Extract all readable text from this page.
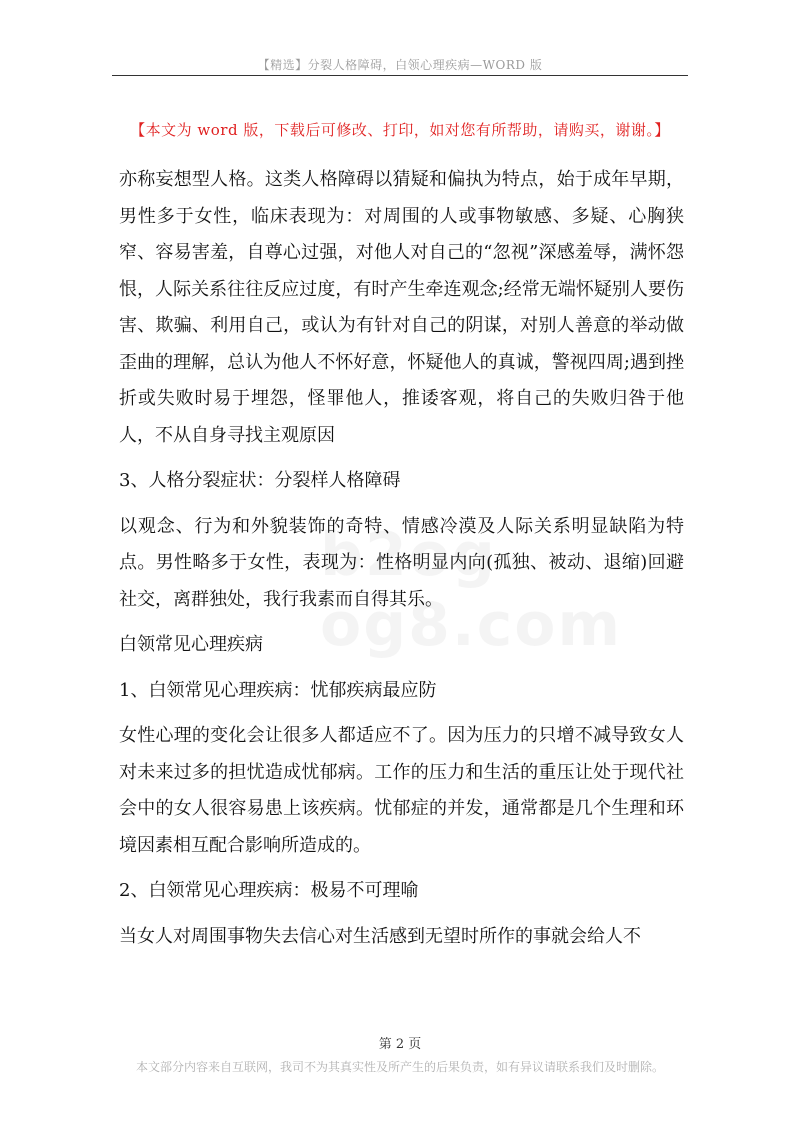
【精选】分裂人格障碍，白领心理疾病—WORD 版
【本文为 word 版，下载后可修改、打印，如对您有所帮助，请购买，谢谢。】

亦称妄想型人格。这类人格障碍以猜疑和偏执为特点，始于成年早期，男性多于女性，临床表现为：对周围的人或事物敏感、多疑、心胸狭窄、容易害羞，自尊心过强，对他人对自己的“忽视”深感羞辱，满怀怨恨，人际关系往往反应过度，有时产生牵连观念;经常无端怀疑别人要伤害、欺骗、利用自己，或认为有针对自己的阴谋，对别人善意的举动做歪曲的理解，总认为他人不怀好意，怀疑他人的真诚，警视四周;遇到挫折或失败时易于埋怨，怪罪他人，推诿客观，将自己的失败归咎于他人，不从自身寻找主观原因

3、人格分裂症状：分裂样人格障碍

以观念、行为和外貌装饰的奇特、情感冷漠及人际关系明显缺陷为特点。男性略多于女性，表现为：性格明显内向(孤独、被动、退缩)回避社交，离群独处，我行我素而自得其乐。

白领常见心理疾病

1、白领常见心理疾病：忧郁疾病最应防

女性心理的变化会让很多人都适应不了。因为压力的只增不减导致女人对未来过多的担忧造成忧郁病。工作的压力和生活的重压让处于现代社会中的女人很容易患上该疾病。忧郁症的并发，通常都是几个生理和环境因素相互配合影响所造成的。

2、白领常见心理疾病：极易不可理喻

当女人对周围事物失去信心对生活感到无望时所作的事就会给人不

第 2 页
本文部分内容来自互联网，我司不为其真实性及所产生的后果负责，如有异议请联系我们及时删除。
